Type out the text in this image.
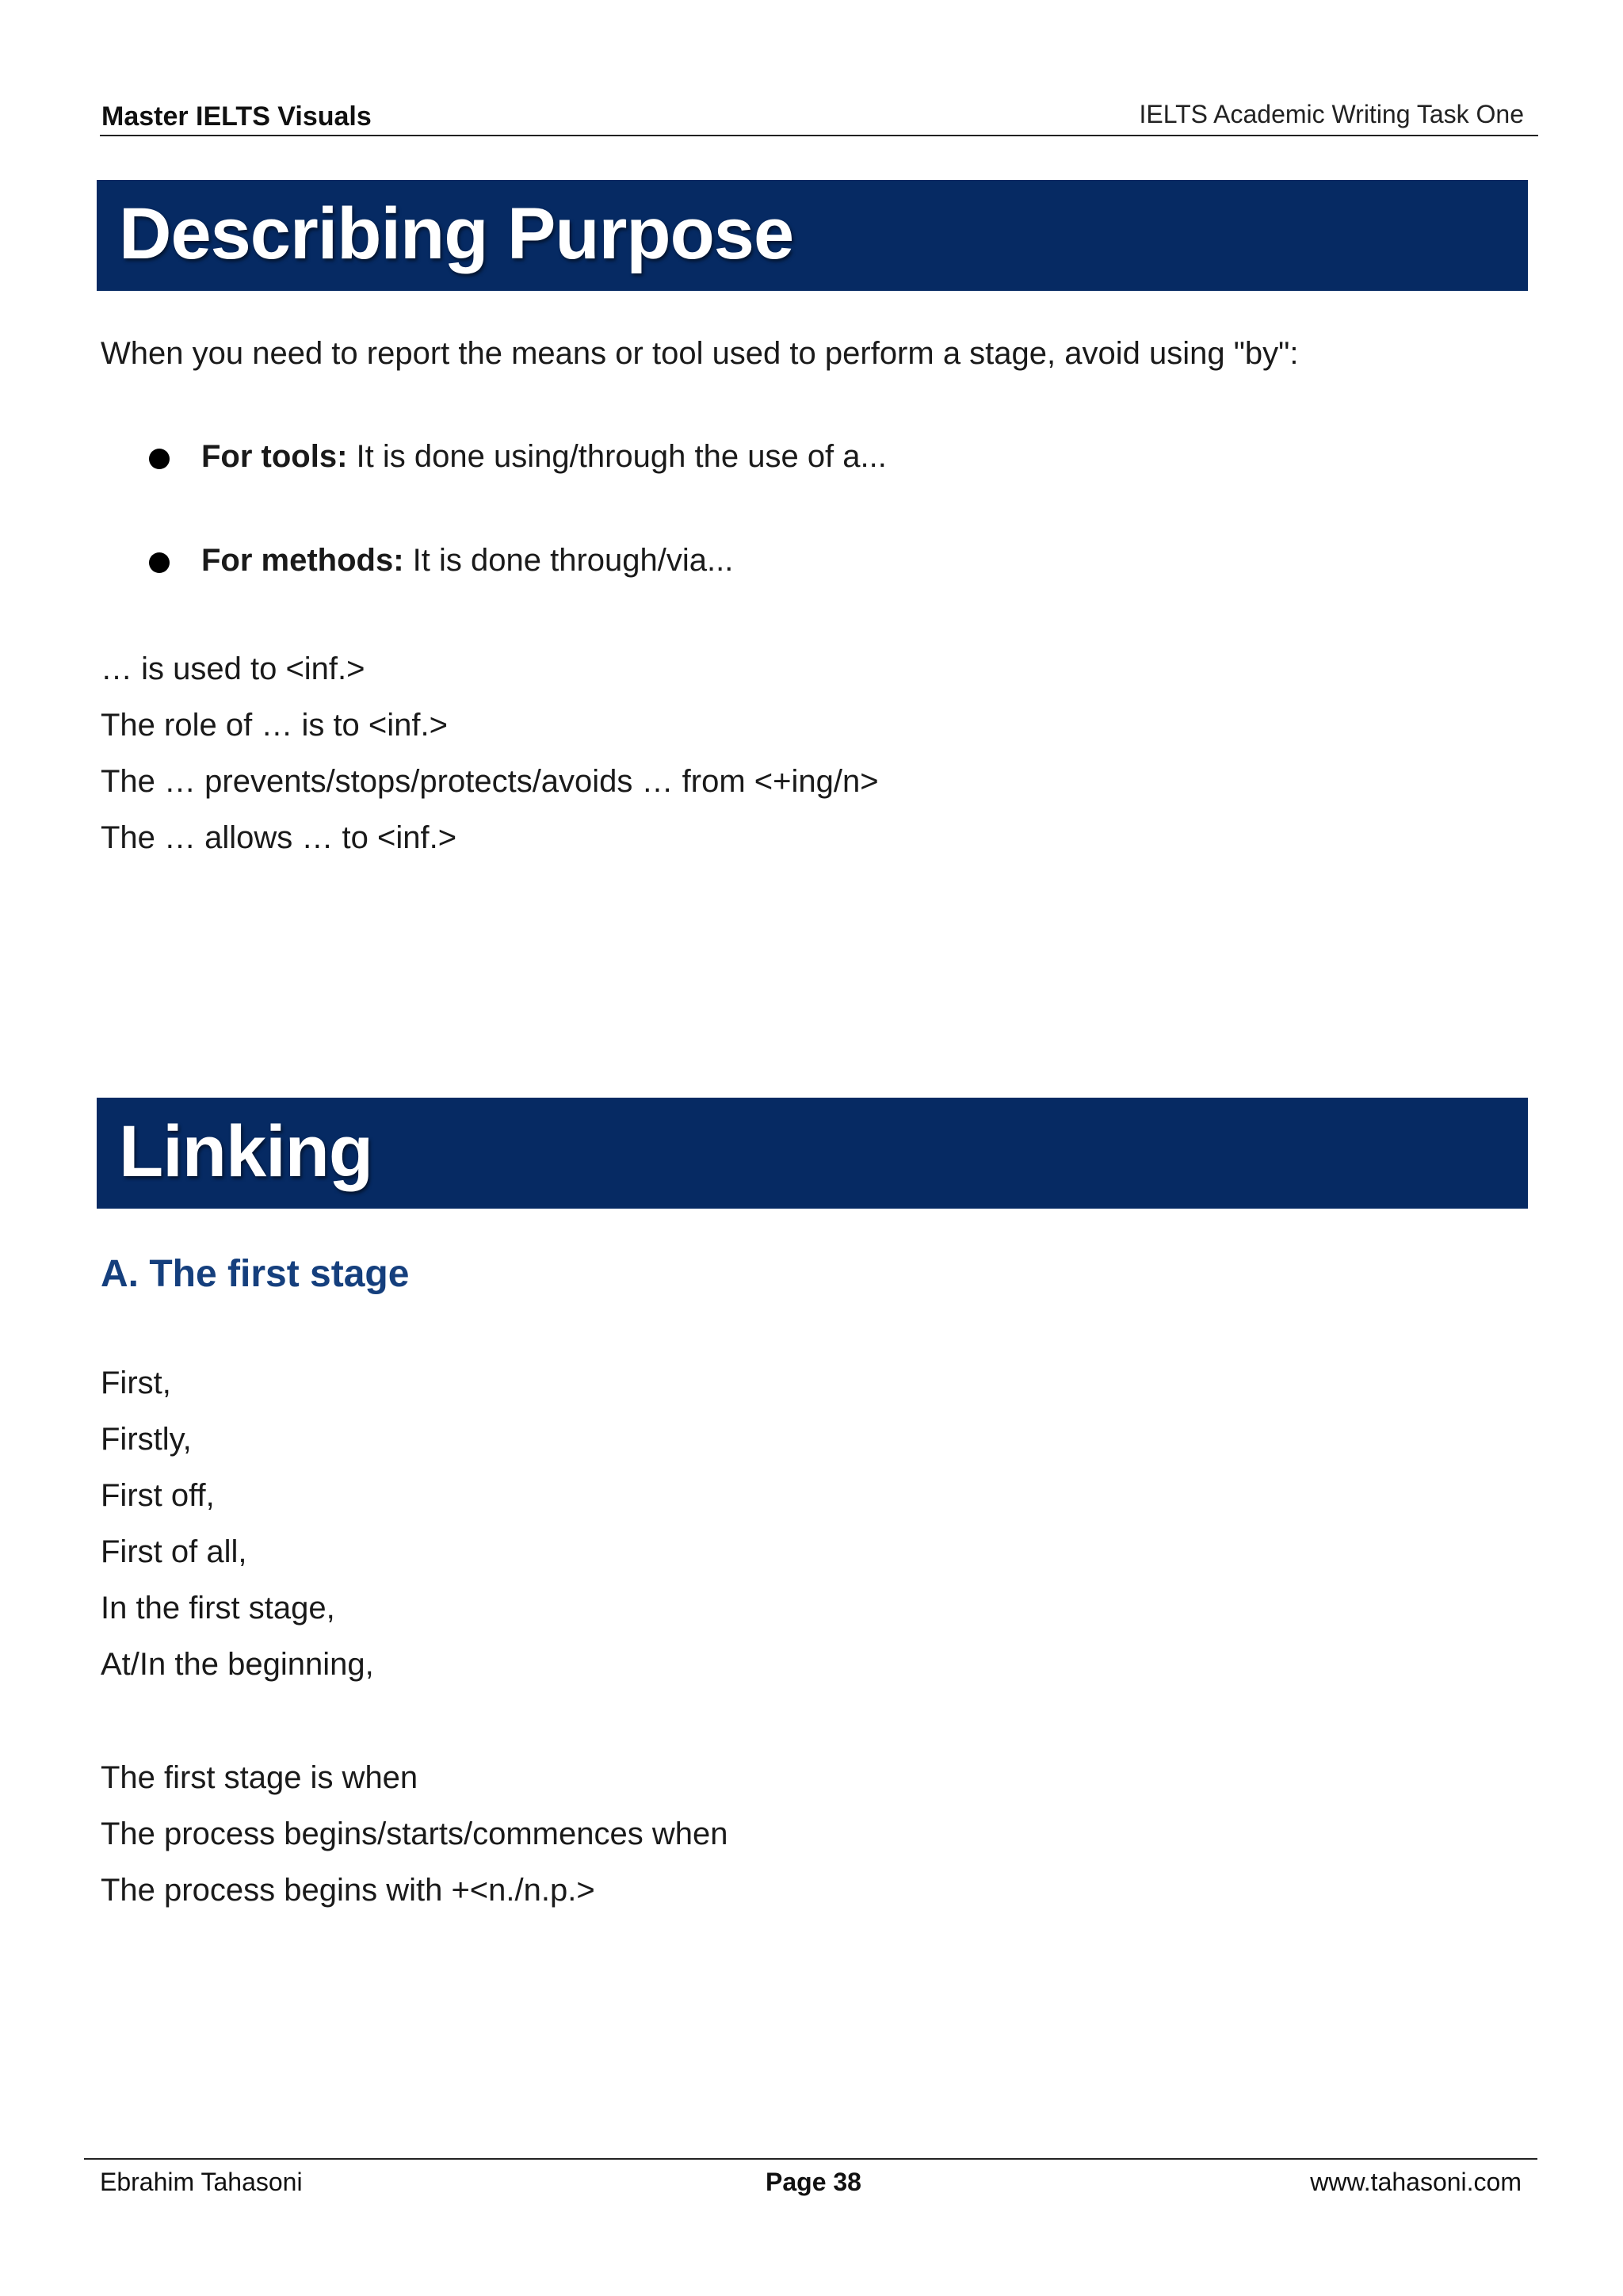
Master IELTS Visuals	IELTS Academic Writing Task One
Describing Purpose
When you need to report the means or tool used to perform a stage, avoid using "by":
For tools: It is done using/through the use of a...
For methods: It is done through/via...
… is used to <inf.>
The role of … is to <inf.>
The … prevents/stops/protects/avoids … from <+ing/n>
The … allows … to <inf.>
Linking
A. The first stage
First,
Firstly,
First off,
First of all,
In the first stage,
At/In the beginning,
The first stage is when
The process begins/starts/commences when
The process begins with +<n./n.p.>
Ebrahim Tahasoni	Page 38	www.tahasoni.com
